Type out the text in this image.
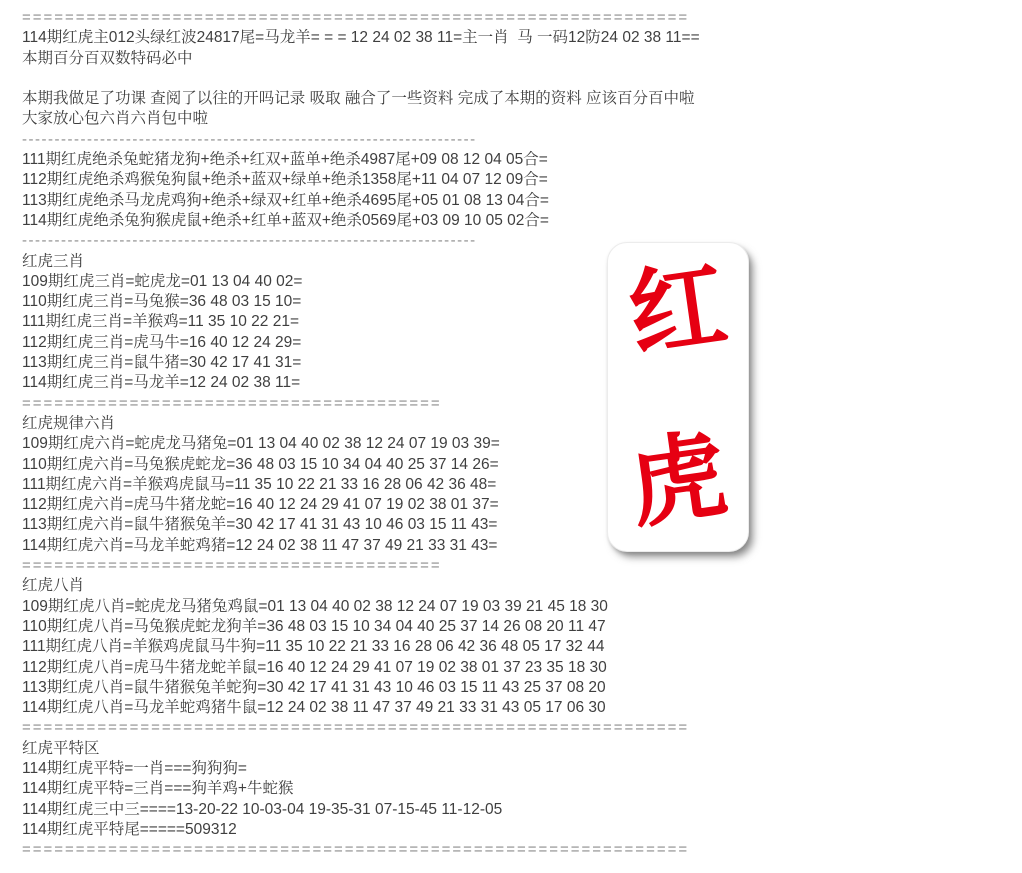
==============================================================
114期红虎主012头绿红波24817尾=马龙羊= = = 12 24 02 38 11=主一肖  马 一码12防24 02 38 11==
本期百分百双数特码必中
本期我做足了功课 查阅了以往的开吗记录 吸取 融合了一些资料 完成了本期的资料 应该百分百中啦
大家放心包六肖六肖包中啦
----------------------------------------------------------------------
111期红虎绝杀兔蛇猪龙狗+绝杀+红双+蓝单+绝杀4987尾+09 08 12 04 05合=
112期红虎绝杀鸡猴兔狗鼠+绝杀+蓝双+绿单+绝杀1358尾+11 04 07 12 09合=
113期红虎绝杀马龙虎鸡狗+绝杀+绿双+红单+绝杀4695尾+05 01 08 13 04合=
114期红虎绝杀兔狗猴虎鼠+绝杀+红单+蓝双+绝杀0569尾+03 09 10 05 02合=
----------------------------------------------------------------------
红虎三肖
109期红虎三肖=蛇虎龙=01 13 04 40 02=
110期红虎三肖=马兔猴=36 48 03 15 10=
111期红虎三肖=羊猴鸡=11 35 10 22 21=
112期红虎三肖=虎马牛=16 40 12 24 29=
113期红虎三肖=鼠牛猪=30 42 17 41 31=
114期红虎三肖=马龙羊=12 24 02 38 11=
=======================================
红虎规律六肖
109期红虎六肖=蛇虎龙马猪兔=01 13 04 40 02 38 12 24 07 19 03 39=
110期红虎六肖=马兔猴虎蛇龙=36 48 03 15 10 34 04 40 25 37 14 26=
111期红虎六肖=羊猴鸡虎鼠马=11 35 10 22 21 33 16 28 06 42 36 48=
112期红虎六肖=虎马牛猪龙蛇=16 40 12 24 29 41 07 19 02 38 01 37=
113期红虎六肖=鼠牛猪猴兔羊=30 42 17 41 31 43 10 46 03 15 11 43=
114期红虎六肖=马龙羊蛇鸡猪=12 24 02 38 11 47 37 49 21 33 31 43=
=======================================
红虎八肖
109期红虎八肖=蛇虎龙马猪兔鸡鼠=01 13 04 40 02 38 12 24 07 19 03 39 21 45 18 30
110期红虎八肖=马兔猴虎蛇龙狗羊=36 48 03 15 10 34 04 40 25 37 14 26 08 20 11 47
111期红虎八肖=羊猴鸡虎鼠马牛狗=11 35 10 22 21 33 16 28 06 42 36 48 05 17 32 44
112期红虎八肖=虎马牛猪龙蛇羊鼠=16 40 12 24 29 41 07 19 02 38 01 37 23 35 18 30
113期红虎八肖=鼠牛猪猴兔羊蛇狗=30 42 17 41 31 43 10 46 03 15 11 43 25 37 08 20
114期红虎八肖=马龙羊蛇鸡猪牛鼠=12 24 02 38 11 47 37 49 21 33 31 43 05 17 06 30
==============================================================
红虎平特区
114期红虎平特=一肖===狗狗狗=
114期红虎平特=三肖===狗羊鸡+牛蛇猴
114期红虎三中三====13-20-22 10-03-04 19-35-31 07-15-45 11-12-05
114期红虎平特尾=====509312
==============================================================
红
虎
